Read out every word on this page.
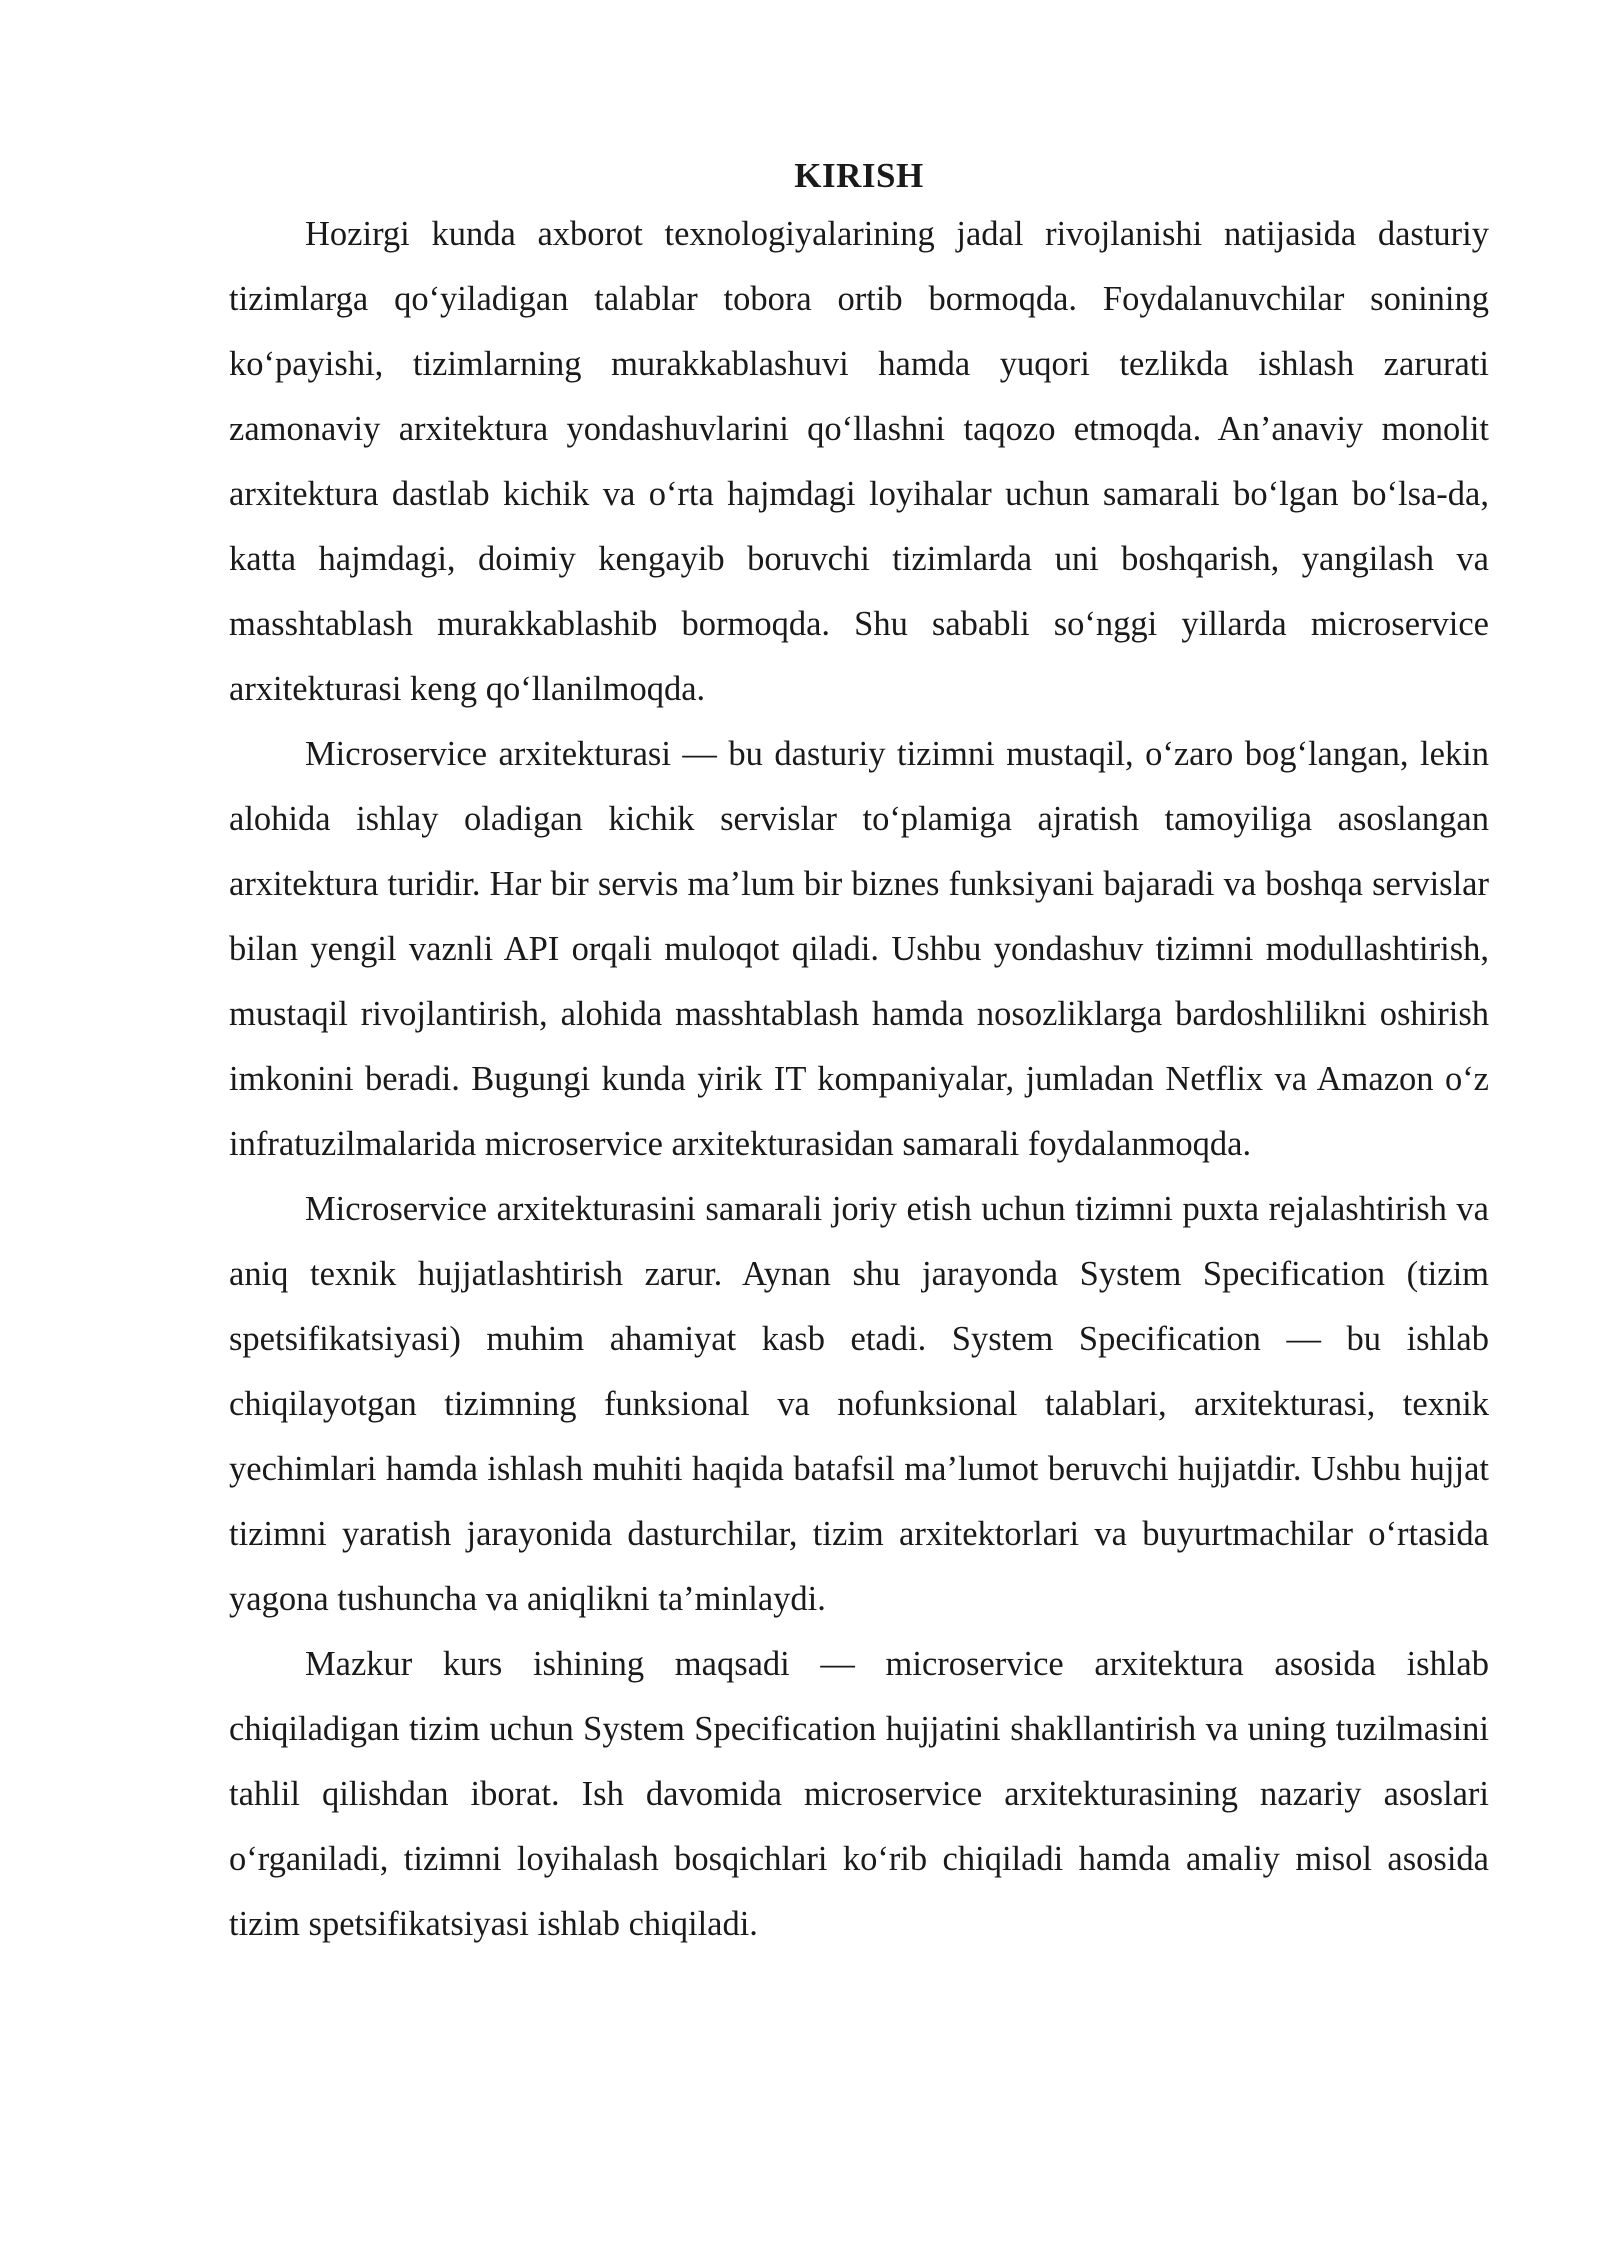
KIRISH

Hozirgi kunda axborot texnologiyalarining jadal rivojlanishi natijasida dasturiy tizimlarga qo‘yiladigan talablar tobora ortib bormoqda. Foydalanuvchilar sonining ko‘payishi, tizimlarning murakkablashuvi hamda yuqori tezlikda ishlash zarurati zamonaviy arxitektura yondashuvlarini qo‘llashni taqozo etmoqda. An’anaviy monolit arxitektura dastlab kichik va o‘rta hajmdagi loyihalar uchun samarali bo‘lgan bo‘lsa-da, katta hajmdagi, doimiy kengayib boruvchi tizimlarda uni boshqarish, yangilash va masshtablash murakkablashib bormoqda. Shu sababli so‘nggi yillarda microservice arxitekturasi keng qo‘llanilmoqda.

Microservice arxitekturasi — bu dasturiy tizimni mustaqil, o‘zaro bog‘langan, lekin alohida ishlay oladigan kichik servislar to‘plamiga ajratish tamoyiliga asoslangan arxitektura turidir. Har bir servis ma’lum bir biznes funksiyani bajaradi va boshqa servislar bilan yengil vaznli API orqali muloqot qiladi. Ushbu yondashuv tizimni modullashtirish, mustaqil rivojlantirish, alohida masshtablash hamda nosozliklarga bardoshlilikni oshirish imkonini beradi. Bugungi kunda yirik IT kompaniyalar, jumladan Netflix va Amazon o‘z infratuzilmalarida microservice arxitekturasidan samarali foydalanmoqda.

Microservice arxitekturasini samarali joriy etish uchun tizimni puxta rejalashtirish va aniq texnik hujjatlashtirish zarur. Aynan shu jarayonda System Specification (tizim spetsifikatsiyasi) muhim ahamiyat kasb etadi. System Specification — bu ishlab chiqilayotgan tizimning funksional va nofunksional talablari, arxitekturasi, texnik yechimlari hamda ishlash muhiti haqida batafsil ma’lumot beruvchi hujjatdir. Ushbu hujjat tizimni yaratish jarayonida dasturchilar, tizim arxitektorlari va buyurtmachilar o‘rtasida yagona tushuncha va aniqlikni ta’minlaydi.

Mazkur kurs ishining maqsadi — microservice arxitektura asosida ishlab chiqiladigan tizim uchun System Specification hujjatini shakllantirish va uning tuzilmasini tahlil qilishdan iborat. Ish davomida microservice arxitekturasining nazariy asoslari o‘rganiladi, tizimni loyihalash bosqichlari ko‘rib chiqiladi hamda amaliy misol asosida tizim spetsifikatsiyasi ishlab chiqiladi.
